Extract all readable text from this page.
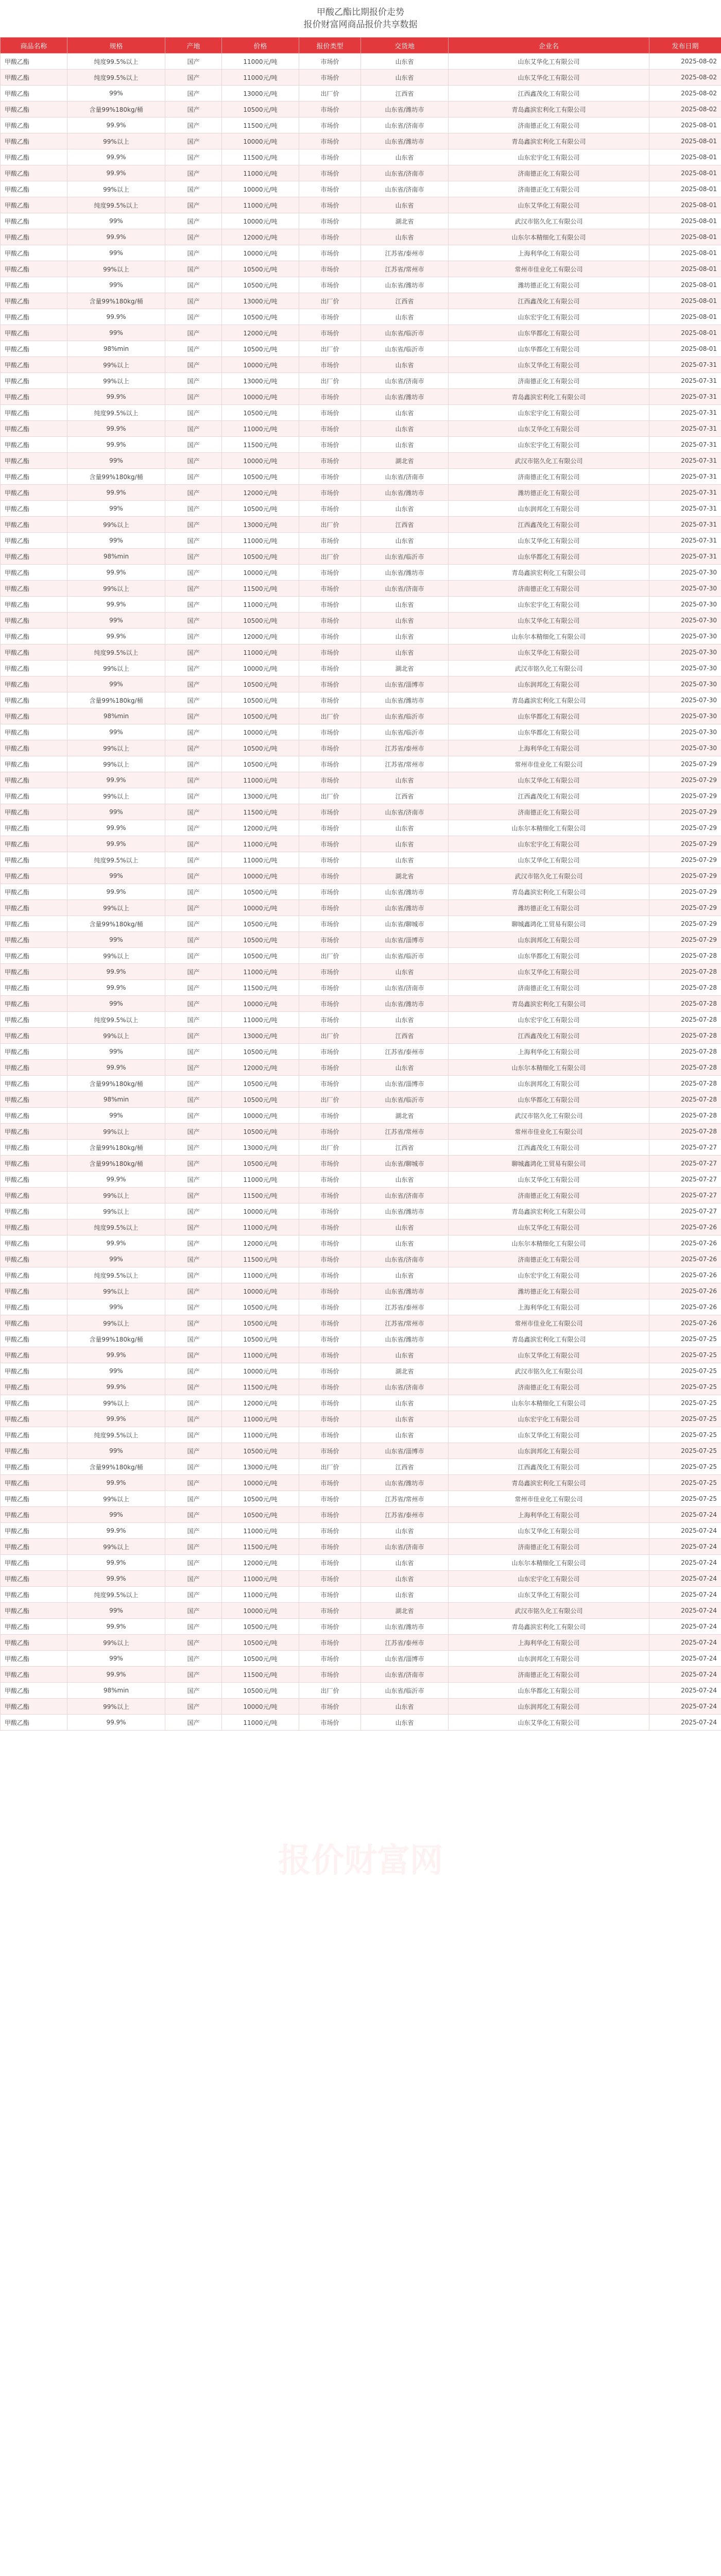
甲酸乙酯比期报价走势

报价财富网商品报价共享数据

商品名称	规格	产地	价格	报价类型	交货地	企业名	发布日期
甲酸乙酯	纯度99.5%以上	国产	11000元/吨	市场价	山东省	山东艾华化工有限公司	2025-08-02
甲酸乙酯	纯度99.5%以上	国产	11000元/吨	市场价	山东省	山东艾华化工有限公司	2025-08-02
甲酸乙酯	99%	国产	13000元/吨	出厂价	江西省	江西鑫茂化工有限公司	2025-08-02
甲酸乙酯	含量99%180kg/桶	国产	10500元/吨	市场价	山东省/潍坊市	青岛鑫滨宏利化工有限公司	2025-08-02
甲酸乙酯	99.9%	国产	11500元/吨	市场价	山东省/济南市	济南德正化工有限公司	2025-08-01
甲酸乙酯	99%以上	国产	10000元/吨	市场价	山东省/潍坊市	青岛鑫滨宏利化工有限公司	2025-08-01
甲酸乙酯	99.9%	国产	11500元/吨	市场价	山东省	山东宏宇化工有限公司	2025-08-01
甲酸乙酯	99.9%	国产	11000元/吨	市场价	山东省/济南市	济南德正化工有限公司	2025-08-01
甲酸乙酯	99%以上	国产	10000元/吨	市场价	山东省/济南市	济南德正化工有限公司	2025-08-01
甲酸乙酯	纯度99.5%以上	国产	11000元/吨	市场价	山东省	山东艾华化工有限公司	2025-08-01
甲酸乙酯	99%	国产	10000元/吨	市场价	湖北省	武汉市铭久化工有限公司	2025-08-01
甲酸乙酯	99.9%	国产	12000元/吨	市场价	山东省	山东尔本精细化工有限公司	2025-08-01
甲酸乙酯	99%	国产	10000元/吨	市场价	江苏省/泰州市	上海利华化工有限公司	2025-08-01
甲酸乙酯	99%以上	国产	10500元/吨	市场价	江苏省/常州市	常州市佳业化工有限公司	2025-08-01
甲酸乙酯	99%	国产	10500元/吨	市场价	山东省/潍坊市	潍坊德正化工有限公司	2025-08-01
甲酸乙酯	含量99%180kg/桶	国产	13000元/吨	出厂价	江西省	江西鑫茂化工有限公司	2025-08-01
甲酸乙酯	99.9%	国产	10500元/吨	市场价	山东省	山东宏宇化工有限公司	2025-08-01
甲酸乙酯	99%	国产	12000元/吨	市场价	山东省/临沂市	山东华都化工有限公司	2025-08-01
甲酸乙酯	98%min	国产	10500元/吨	出厂价	山东省/临沂市	山东华都化工有限公司	2025-08-01
甲酸乙酯	99%以上	国产	10000元/吨	市场价	山东省	山东艾华化工有限公司	2025-07-31
甲酸乙酯	99%以上	国产	13000元/吨	出厂价	山东省/济南市	济南德正化工有限公司	2025-07-31
甲酸乙酯	99.9%	国产	10000元/吨	市场价	山东省/潍坊市	青岛鑫滨宏利化工有限公司	2025-07-31
甲酸乙酯	纯度99.5%以上	国产	10500元/吨	市场价	山东省	山东宏宇化工有限公司	2025-07-31
甲酸乙酯	99.9%	国产	11000元/吨	市场价	山东省	山东艾华化工有限公司	2025-07-31
甲酸乙酯	99.9%	国产	11500元/吨	市场价	山东省	山东宏宇化工有限公司	2025-07-31
甲酸乙酯	99%	国产	10000元/吨	市场价	湖北省	武汉市铭久化工有限公司	2025-07-31
甲酸乙酯	含量99%180kg/桶	国产	10500元/吨	市场价	山东省/济南市	济南德正化工有限公司	2025-07-31
甲酸乙酯	99.9%	国产	12000元/吨	市场价	山东省/潍坊市	潍坊德正化工有限公司	2025-07-31
甲酸乙酯	99%	国产	10500元/吨	市场价	山东省	山东润邦化工有限公司	2025-07-31
甲酸乙酯	99%以上	国产	13000元/吨	出厂价	江西省	江西鑫茂化工有限公司	2025-07-31
甲酸乙酯	99%	国产	11000元/吨	市场价	山东省	山东艾华化工有限公司	2025-07-31
甲酸乙酯	98%min	国产	10500元/吨	出厂价	山东省/临沂市	山东华都化工有限公司	2025-07-31
甲酸乙酯	99.9%	国产	10000元/吨	市场价	山东省/潍坊市	青岛鑫滨宏利化工有限公司	2025-07-30
甲酸乙酯	99%以上	国产	11500元/吨	市场价	山东省/济南市	济南德正化工有限公司	2025-07-30
甲酸乙酯	99.9%	国产	11000元/吨	市场价	山东省	山东宏宇化工有限公司	2025-07-30
甲酸乙酯	99%	国产	10500元/吨	市场价	山东省	山东艾华化工有限公司	2025-07-30
甲酸乙酯	99.9%	国产	12000元/吨	市场价	山东省	山东尔本精细化工有限公司	2025-07-30
甲酸乙酯	纯度99.5%以上	国产	11000元/吨	市场价	山东省	山东艾华化工有限公司	2025-07-30
甲酸乙酯	99%以上	国产	10000元/吨	市场价	湖北省	武汉市铭久化工有限公司	2025-07-30
甲酸乙酯	99%	国产	10500元/吨	市场价	山东省/淄博市	山东润邦化工有限公司	2025-07-30
甲酸乙酯	含量99%180kg/桶	国产	10500元/吨	市场价	山东省/潍坊市	青岛鑫滨宏利化工有限公司	2025-07-30
甲酸乙酯	98%min	国产	10500元/吨	出厂价	山东省/临沂市	山东华都化工有限公司	2025-07-30
甲酸乙酯	99%	国产	10000元/吨	市场价	山东省/临沂市	山东华都化工有限公司	2025-07-30
甲酸乙酯	99%以上	国产	10500元/吨	市场价	江苏省/泰州市	上海利华化工有限公司	2025-07-30
甲酸乙酯	99%以上	国产	10500元/吨	市场价	江苏省/常州市	常州市佳业化工有限公司	2025-07-29
甲酸乙酯	99.9%	国产	11000元/吨	市场价	山东省	山东艾华化工有限公司	2025-07-29
甲酸乙酯	99%以上	国产	13000元/吨	出厂价	江西省	江西鑫茂化工有限公司	2025-07-29
甲酸乙酯	99%	国产	11500元/吨	市场价	山东省/济南市	济南德正化工有限公司	2025-07-29
甲酸乙酯	99.9%	国产	12000元/吨	市场价	山东省	山东尔本精细化工有限公司	2025-07-29
甲酸乙酯	99.9%	国产	11000元/吨	市场价	山东省	山东宏宇化工有限公司	2025-07-29
甲酸乙酯	纯度99.5%以上	国产	11000元/吨	市场价	山东省	山东艾华化工有限公司	2025-07-29
甲酸乙酯	99%	国产	10000元/吨	市场价	湖北省	武汉市铭久化工有限公司	2025-07-29
甲酸乙酯	99.9%	国产	10500元/吨	市场价	山东省/潍坊市	青岛鑫滨宏利化工有限公司	2025-07-29
甲酸乙酯	99%以上	国产	10000元/吨	市场价	山东省/潍坊市	潍坊德正化工有限公司	2025-07-29
甲酸乙酯	含量99%180kg/桶	国产	10500元/吨	市场价	山东省/聊城市	聊城鑫鸿化工贸易有限公司	2025-07-29
甲酸乙酯	99%	国产	10500元/吨	市场价	山东省/淄博市	山东润邦化工有限公司	2025-07-29
甲酸乙酯	99%以上	国产	10500元/吨	出厂价	山东省/临沂市	山东华都化工有限公司	2025-07-28
甲酸乙酯	99.9%	国产	11000元/吨	市场价	山东省	山东艾华化工有限公司	2025-07-28
甲酸乙酯	99.9%	国产	11500元/吨	市场价	山东省/济南市	济南德正化工有限公司	2025-07-28
甲酸乙酯	99%	国产	10000元/吨	市场价	山东省/潍坊市	青岛鑫滨宏利化工有限公司	2025-07-28
甲酸乙酯	纯度99.5%以上	国产	11000元/吨	市场价	山东省	山东宏宇化工有限公司	2025-07-28
甲酸乙酯	99%以上	国产	13000元/吨	出厂价	江西省	江西鑫茂化工有限公司	2025-07-28
甲酸乙酯	99%	国产	10500元/吨	市场价	江苏省/泰州市	上海利华化工有限公司	2025-07-28
甲酸乙酯	99.9%	国产	12000元/吨	市场价	山东省	山东尔本精细化工有限公司	2025-07-28
甲酸乙酯	含量99%180kg/桶	国产	10500元/吨	市场价	山东省/淄博市	山东润邦化工有限公司	2025-07-28
甲酸乙酯	98%min	国产	10500元/吨	出厂价	山东省/临沂市	山东华都化工有限公司	2025-07-28
甲酸乙酯	99%	国产	10000元/吨	市场价	湖北省	武汉市铭久化工有限公司	2025-07-28
甲酸乙酯	99%以上	国产	10500元/吨	市场价	江苏省/常州市	常州市佳业化工有限公司	2025-07-28
甲酸乙酯	含量99%180kg/桶	国产	13000元/吨	出厂价	江西省	江西鑫茂化工有限公司	2025-07-27
甲酸乙酯	含量99%180kg/桶	国产	10500元/吨	市场价	山东省/聊城市	聊城鑫鸿化工贸易有限公司	2025-07-27
甲酸乙酯	99.9%	国产	11000元/吨	市场价	山东省	山东艾华化工有限公司	2025-07-27
甲酸乙酯	99%以上	国产	11500元/吨	市场价	山东省/济南市	济南德正化工有限公司	2025-07-27
甲酸乙酯	99%以上	国产	10000元/吨	市场价	山东省/潍坊市	青岛鑫滨宏利化工有限公司	2025-07-27
甲酸乙酯	纯度99.5%以上	国产	11000元/吨	市场价	山东省	山东艾华化工有限公司	2025-07-26
甲酸乙酯	99.9%	国产	12000元/吨	市场价	山东省	山东尔本精细化工有限公司	2025-07-26
甲酸乙酯	99%	国产	11500元/吨	市场价	山东省/济南市	济南德正化工有限公司	2025-07-26
甲酸乙酯	纯度99.5%以上	国产	11000元/吨	市场价	山东省	山东宏宇化工有限公司	2025-07-26
甲酸乙酯	99%以上	国产	10000元/吨	市场价	山东省/潍坊市	潍坊德正化工有限公司	2025-07-26
甲酸乙酯	99%	国产	10500元/吨	市场价	江苏省/泰州市	上海利华化工有限公司	2025-07-26
甲酸乙酯	99%以上	国产	10500元/吨	市场价	江苏省/常州市	常州市佳业化工有限公司	2025-07-26
甲酸乙酯	含量99%180kg/桶	国产	10500元/吨	市场价	山东省/潍坊市	青岛鑫滨宏利化工有限公司	2025-07-25
甲酸乙酯	99.9%	国产	11000元/吨	市场价	山东省	山东艾华化工有限公司	2025-07-25
甲酸乙酯	99%	国产	10000元/吨	市场价	湖北省	武汉市铭久化工有限公司	2025-07-25
甲酸乙酯	99.9%	国产	11500元/吨	市场价	山东省/济南市	济南德正化工有限公司	2025-07-25
甲酸乙酯	99%以上	国产	12000元/吨	市场价	山东省	山东尔本精细化工有限公司	2025-07-25
甲酸乙酯	99.9%	国产	11000元/吨	市场价	山东省	山东宏宇化工有限公司	2025-07-25
甲酸乙酯	纯度99.5%以上	国产	11000元/吨	市场价	山东省	山东艾华化工有限公司	2025-07-25
甲酸乙酯	99%	国产	10500元/吨	市场价	山东省/淄博市	山东润邦化工有限公司	2025-07-25
甲酸乙酯	含量99%180kg/桶	国产	13000元/吨	出厂价	江西省	江西鑫茂化工有限公司	2025-07-25
甲酸乙酯	99.9%	国产	10000元/吨	市场价	山东省/潍坊市	青岛鑫滨宏利化工有限公司	2025-07-25
甲酸乙酯	99%以上	国产	10500元/吨	市场价	江苏省/常州市	常州市佳业化工有限公司	2025-07-25
甲酸乙酯	99%	国产	10500元/吨	市场价	江苏省/泰州市	上海利华化工有限公司	2025-07-24
甲酸乙酯	99.9%	国产	11000元/吨	市场价	山东省	山东艾华化工有限公司	2025-07-24
甲酸乙酯	99%以上	国产	11500元/吨	市场价	山东省/济南市	济南德正化工有限公司	2025-07-24
甲酸乙酯	99.9%	国产	12000元/吨	市场价	山东省	山东尔本精细化工有限公司	2025-07-24
甲酸乙酯	99.9%	国产	11000元/吨	市场价	山东省	山东宏宇化工有限公司	2025-07-24
甲酸乙酯	纯度99.5%以上	国产	11000元/吨	市场价	山东省	山东艾华化工有限公司	2025-07-24
甲酸乙酯	99%	国产	10000元/吨	市场价	湖北省	武汉市铭久化工有限公司	2025-07-24
甲酸乙酯	99.9%	国产	10500元/吨	市场价	山东省/潍坊市	青岛鑫滨宏利化工有限公司	2025-07-24
甲酸乙酯	99%以上	国产	10500元/吨	市场价	江苏省/泰州市	上海利华化工有限公司	2025-07-24
甲酸乙酯	99%	国产	10500元/吨	市场价	山东省/淄博市	山东润邦化工有限公司	2025-07-24
甲酸乙酯	99.9%	国产	11500元/吨	市场价	山东省/济南市	济南德正化工有限公司	2025-07-24
甲酸乙酯	98%min	国产	10500元/吨	出厂价	山东省/临沂市	山东华都化工有限公司	2025-07-24
甲酸乙酯	99%以上	国产	10000元/吨	市场价	山东省	山东润邦化工有限公司	2025-07-24
甲酸乙酯	99.9%	国产	11000元/吨	市场价	山东省	山东艾华化工有限公司	2025-07-24
报价财富网
